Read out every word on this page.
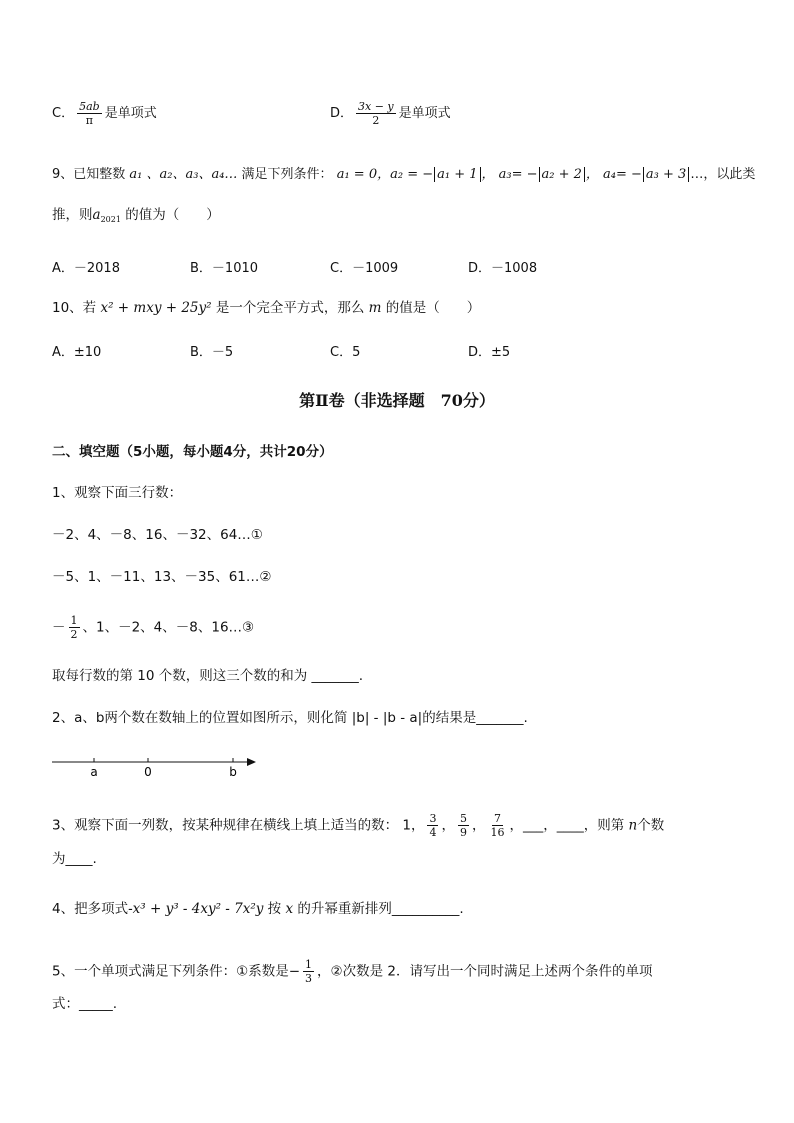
C． $\frac{5ab}{\pi}$ 是单项式	D． $\frac{3x - y}{2}$ 是单项式
9、已知整数 a₁ 、a₂、a₃、a₄… 满足下列条件： a₁ = 0，a₂ = − a₁ + 1 ， a₃= − a₂ + 2 ， a₄= − a₃ + 3 …，以此类
推，则$a_{2021}$ 的值为（　　）
A．－2018	B．－1010	C．－1009	D．－1008
10、若 x² + mxy + 25y² 是一个完全平方式，那么 m 的值是（　　）
A．±10	B．－5	C．5	D．±5
第Ⅱ卷（非选择题　70分）
二、填空题（5小题，每小题4分，共计20分）
1、观察下面三行数：
－2、4、－8、16、－32、64…①
－5、1、－11、13、－35、61…②
－ $\frac{1}{2}$ 、1、－2、4、－8、16…③
取每行数的第 10 个数，则这三个数的和为 _______.
2、a、b两个数在数轴上的位置如图所示，则化简 |b| - |b - a|的结果是_______.
a	0	b
3、观察下面一列数，按某种规律在横线上填上适当的数： 1， $\frac{3}{4}$ ， $\frac{5}{9}$ ， $\frac{7}{16}$ ，___，____，则第 n个数
为____.
4、把多项式-x³ + y³ - 4xy² - 7x²y 按 x 的升幂重新排列__________.
5、一个单项式满足下列条件：①系数是− $\frac{1}{3}$ ，②次数是 2．请写出一个同时满足上述两个条件的单项
式：_____.
